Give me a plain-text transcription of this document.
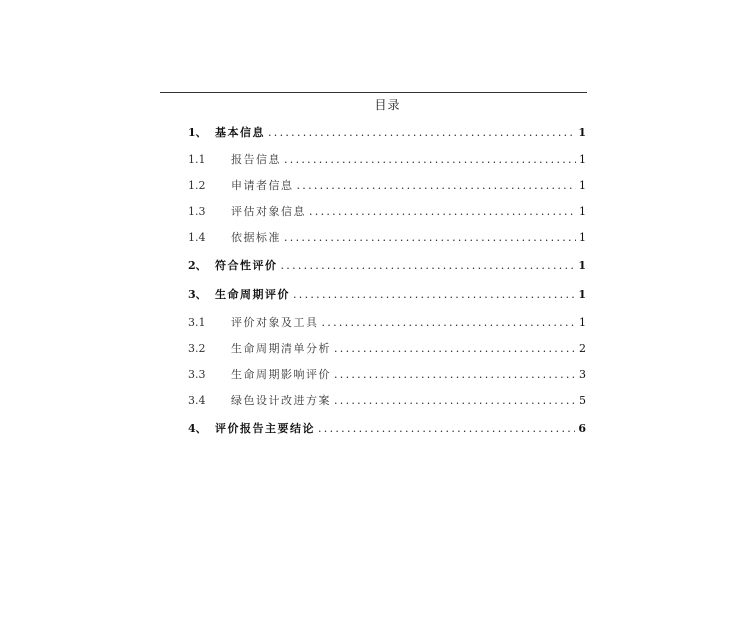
目录
1、 基本信息 .....	1
1.1	报告信息 .....	1
1.2	申请者信息 .....	1
1.3	评估对象信息 .....	1
1.4	依据标准 .....	1
2、 符合性评价 .....	1
3、 生命周期评价 .....	1
3.1	评价对象及工具 .....	1
3.2	生命周期清单分析 .....	2
3.3	生命周期影响评价 .....	3
3.4	绿色设计改进方案 .....	5
4、 评价报告主要结论 .....	6
